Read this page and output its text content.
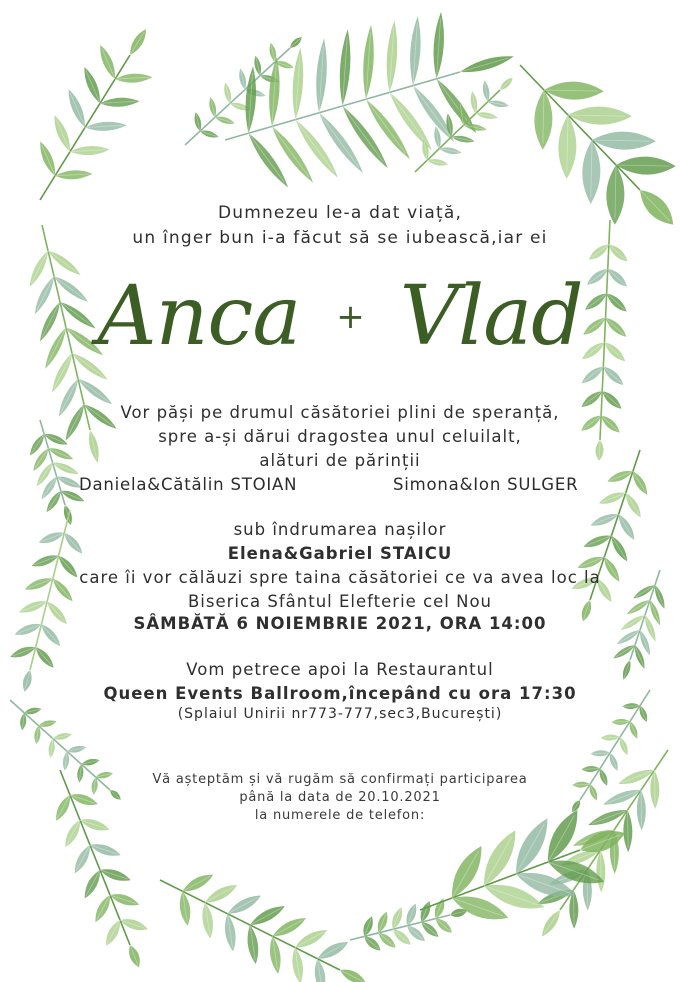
Dumnezeu le-a dat viață,
un înger bun i-a făcut să se iubească,iar ei
Anca + Vlad
Vor păși pe drumul căsătoriei plini de speranță,
spre a-și dărui dragostea unul celuilalt,
alături de părinții
Daniela&Cătălin STOIAN	Simona&Ion SULGER
sub îndrumarea nașilor
Elena&Gabriel STAICU
care îi vor călăuzi spre taina căsătoriei ce va avea loc la
Biserica Sfântul Elefterie cel Nou
SÂMBĂTĂ 6 NOIEMBRIE 2021, ORA 14:00
Vom petrece apoi la Restaurantul
Queen Events Ballroom,începând cu ora 17:30
(Splaiul Unirii nr773-777,sec3,București)
Vă așteptăm și vă rugăm să confirmați participarea
până la data de 20.10.2021
la numerele de telefon:
